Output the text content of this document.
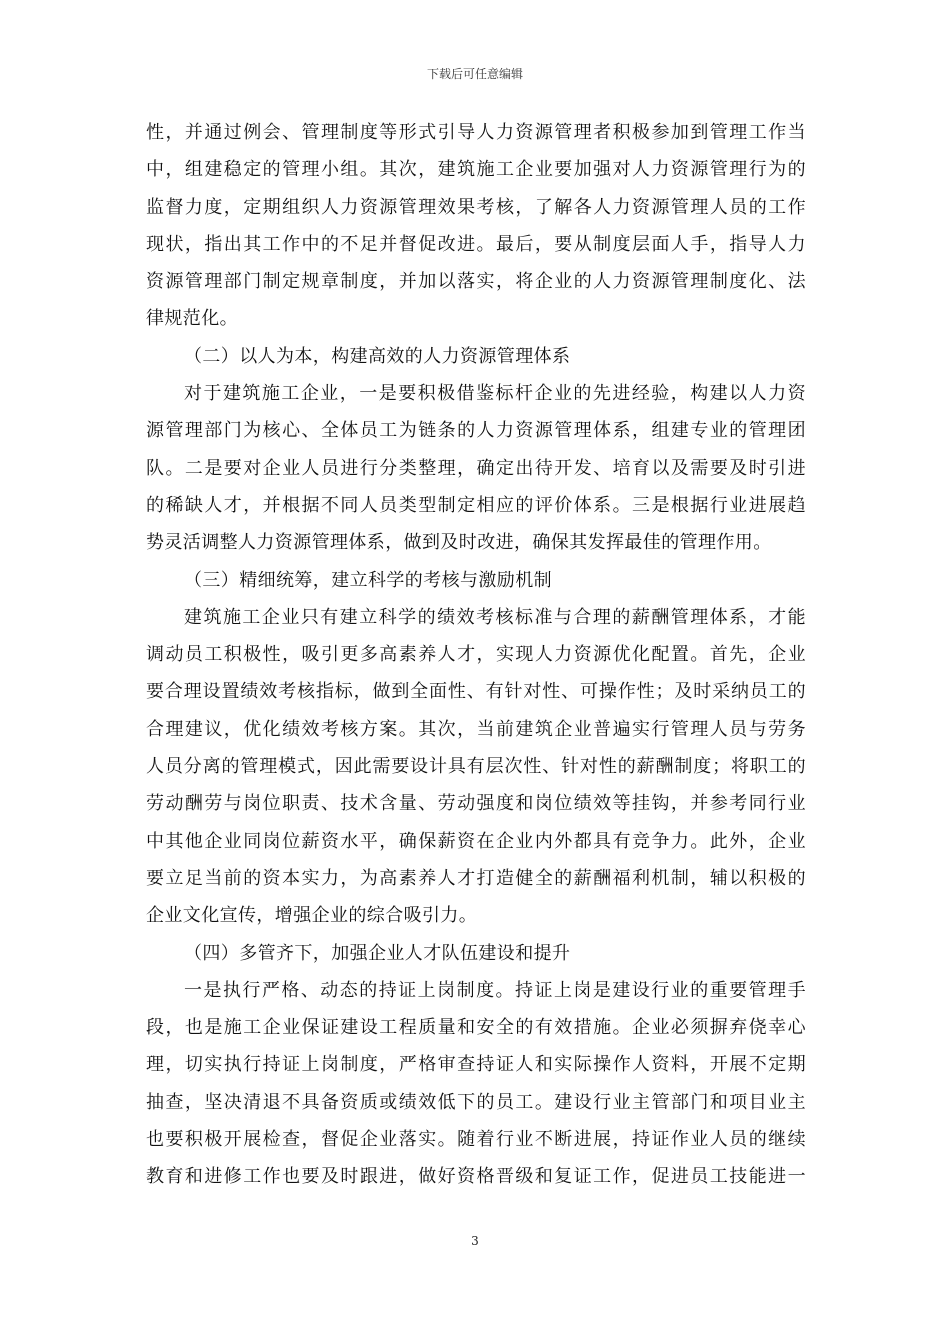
下载后可任意编辑
性，并通过例会、管理制度等形式引导人力资源管理者积极参加到管理工作当
中，组建稳定的管理小组。其次，建筑施工企业要加强对人力资源管理行为的
监督力度，定期组织人力资源管理效果考核，了解各人力资源管理人员的工作
现状，指出其工作中的不足并督促改进。最后，要从制度层面人手，指导人力
资源管理部门制定规章制度，并加以落实，将企业的人力资源管理制度化、法
律规范化。
（二）以人为本，构建高效的人力资源管理体系
对于建筑施工企业，一是要积极借鉴标杆企业的先进经验，构建以人力资
源管理部门为核心、全体员工为链条的人力资源管理体系，组建专业的管理团
队。二是要对企业人员进行分类整理，确定出待开发、培育以及需要及时引进
的稀缺人才，并根据不同人员类型制定相应的评价体系。三是根据行业进展趋
势灵活调整人力资源管理体系，做到及时改进，确保其发挥最佳的管理作用。
（三）精细统筹，建立科学的考核与激励机制
建筑施工企业只有建立科学的绩效考核标准与合理的薪酬管理体系，才能
调动员工积极性，吸引更多高素养人才，实现人力资源优化配置。首先，企业
要合理设置绩效考核指标，做到全面性、有针对性、可操作性；及时采纳员工的
合理建议，优化绩效考核方案。其次，当前建筑企业普遍实行管理人员与劳务
人员分离的管理模式，因此需要设计具有层次性、针对性的薪酬制度；将职工的
劳动酬劳与岗位职责、技术含量、劳动强度和岗位绩效等挂钩，并参考同行业
中其他企业同岗位薪资水平，确保薪资在企业内外都具有竞争力。此外，企业
要立足当前的资本实力，为高素养人才打造健全的薪酬福利机制，辅以积极的
企业文化宣传，增强企业的综合吸引力。
（四）多管齐下，加强企业人才队伍建设和提升
一是执行严格、动态的持证上岗制度。持证上岗是建设行业的重要管理手
段，也是施工企业保证建设工程质量和安全的有效措施。企业必须摒弃侥幸心
理，切实执行持证上岗制度，严格审查持证人和实际操作人资料，开展不定期
抽查，坚决清退不具备资质或绩效低下的员工。建设行业主管部门和项目业主
也要积极开展检查，督促企业落实。随着行业不断进展，持证作业人员的继续
教育和进修工作也要及时跟进，做好资格晋级和复证工作，促进员工技能进一
3
